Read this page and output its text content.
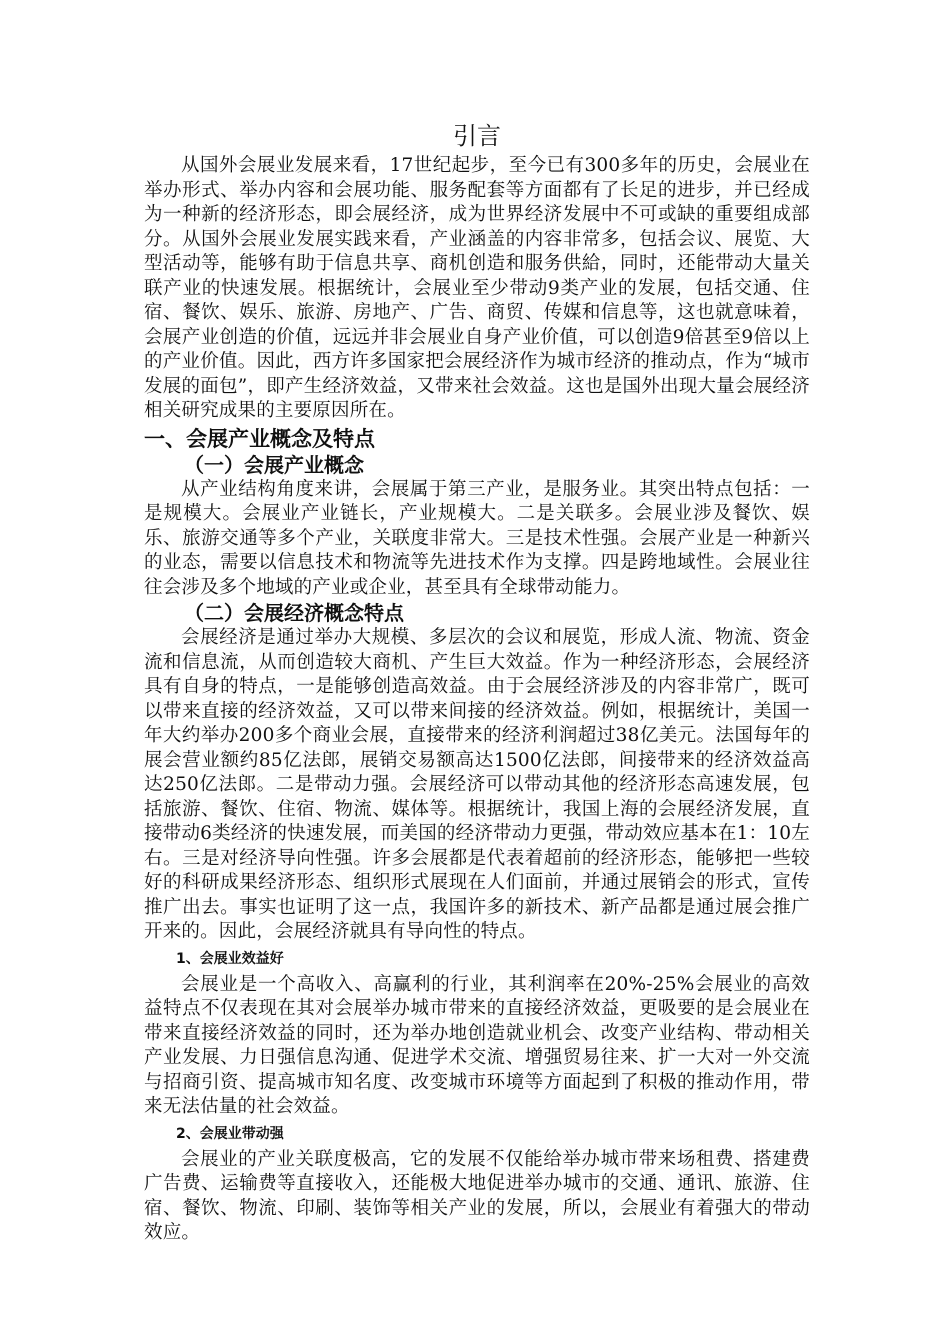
引言

从国外会展业发展来看，17世纪起步，至今已有300多年的历史，会展业在举办形式、举办内容和会展功能、服务配套等方面都有了长足的进步，并已经成为一种新的经济形态，即会展经济，成为世界经济发展中不可或缺的重要组成部分。从国外会展业发展实践来看，产业涵盖的内容非常多，包括会议、展览、大型活动等，能够有助于信息共享、商机创造和服务供給，同时，还能带动大量关联产业的快速发展。根据统计，会展业至少带动9类产业的发展，包括交通、住宿、餐饮、娱乐、旅游、房地产、广告、商贸、传媒和信息等，这也就意味着，会展产业创造的价值，远远并非会展业自身产业价值，可以创造9倍甚至9倍以上的产业价值。因此，西方许多国家把会展经济作为城市经济的推动点，作为“城市发展的面包”，即产生经济效益，又带来社会效益。这也是国外出现大量会展经济相关研究成果的主要原因所在。

一、会展产业概念及特点
（一）会展产业概念

从产业结构角度来讲，会展属于第三产业，是服务业。其突出特点包括：一是规模大。会展业产业链长，产业规模大。二是关联多。会展业涉及餐饮、娱乐、旅游交通等多个产业，关联度非常大。三是技术性强。会展产业是一种新兴的业态，需要以信息技术和物流等先进技术作为支撑。四是跨地域性。会展业往往会涉及多个地域的产业或企业，甚至具有全球带动能力。

（二）会展经济概念特点

会展经济是通过举办大规模、多层次的会议和展览，形成人流、物流、资金流和信息流，从而创造较大商机、产生巨大效益。作为一种经济形态，会展经济具有自身的特点，一是能够创造高效益。由于会展经济涉及的内容非常广，既可以带来直接的经济效益，又可以带来间接的经济效益。例如，根据统计，美国一年大约举办200多个商业会展，直接带来的经济利润超过38亿美元。法国每年的展会营业额约85亿法郎，展销交易额高达1500亿法郎，间接带来的经济效益高达250亿法郎。二是带动力强。会展经济可以带动其他的经济形态高速发展，包括旅游、餐饮、住宿、物流、媒体等。根据统计，我国上海的会展经济发展，直接带动6类经济的快速发展，而美国的经济带动力更强，带动效应基本在1：10左右。三是对经济导向性强。许多会展都是代表着超前的经济形态，能够把一些较好的科研成果经济形态、组织形式展现在人们面前，并通过展销会的形式，宣传推广出去。事实也证明了这一点，我国许多的新技术、新产品都是通过展会推广开来的。因此，会展经济就具有导向性的特点。

1、会展业效益好

会展业是一个高收入、高赢利的行业，其利润率在20%-25%会展业的高效益特点不仅表现在其对会展举办城市带来的直接经济效益，更吸要的是会展业在带来直接经济效益的同时，还为举办地创造就业机会、改变产业结构、带动相关产业发展、力日强信息沟通、促进学术交流、增强贸易往来、扩一大对一外交流与招商引资、提高城市知名度、改变城市环境等方面起到了积极的推动作用，带来无法估量的社会效益。

2、会展业带动强

会展业的产业关联度极高，它的发展不仅能给举办城市带来场租费、搭建费广告费、运输费等直接收入，还能极大地促进举办城市的交通、通讯、旅游、住宿、餐饮、物流、印刷、装饰等相关产业的发展，所以，会展业有着强大的带动效应。
